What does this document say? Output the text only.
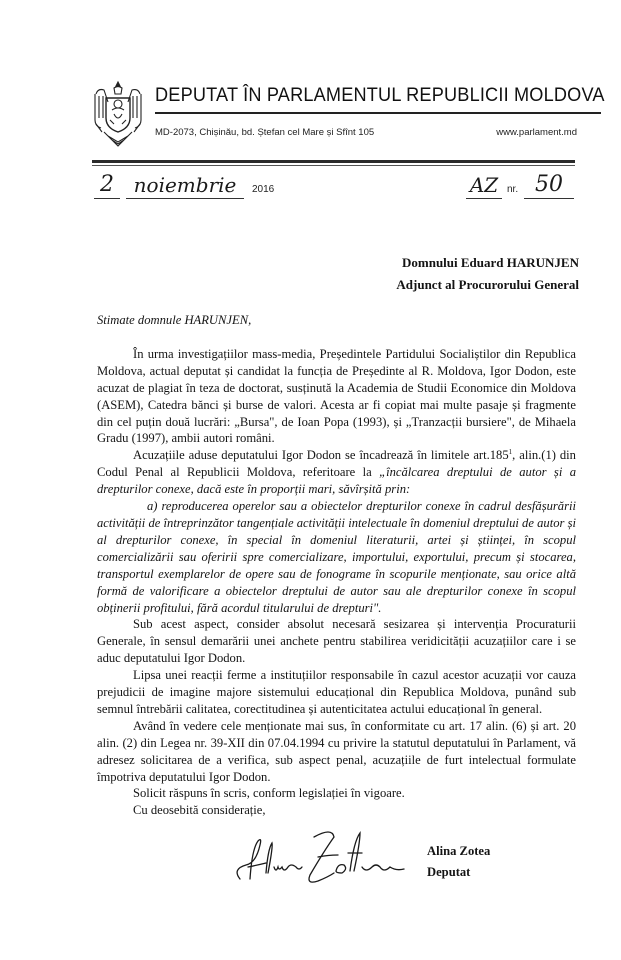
DEPUTAT ÎN PARLAMENTUL REPUBLICII MOLDOVA
MD-2073, Chișinău, bd. Ștefan cel Mare și Sfînt 105	www.parlament.md
2 noiembrie	2016	AZ nr. 50
Domnului Eduard HARUNJEN
Adjunct al Procurorului General

Stimate domnule HARUNJEN,

În urma investigațiilor mass-media, Președintele Partidului Socialiștilor din Republica Moldova, actual deputat și candidat la funcția de Președinte al R. Moldova, Igor Dodon, este acuzat de plagiat în teza de doctorat, susținută la Academia de Studii Economice din Moldova (ASEM), Catedra bănci și burse de valori. Acesta ar fi copiat mai multe pasaje și fragmente din cel puțin două lucrări: „Bursa", de Ioan Popa (1993), și „Tranzacții bursiere", de Mihaela Gradu (1997), ambii autori români.

Acuzațiile aduse deputatului Igor Dodon se încadrează în limitele art.185$^1$, alin.(1) din Codul Penal al Republicii Moldova, referitoare la „încălcarea dreptului de autor și a drepturilor conexe, dacă este în proporții mari, săvîrșită prin:

a) reproducerea operelor sau a obiectelor drepturilor conexe în cadrul desfășurării activității de întreprinzător tangențiale activității intelectuale în domeniul dreptului de autor și al drepturilor conexe, în special în domeniul literaturii, artei și științei, în scopul comercializării sau oferirii spre comercializare, importului, exportului, precum și stocarea, transportul exemplarelor de opere sau de fonograme în scopurile menționate, sau orice altă formă de valorificare a obiectelor dreptului de autor sau ale drepturilor conexe în scopul obținerii profitului, fără acordul titularului de drepturi".

Sub acest aspect, consider absolut necesară sesizarea și intervenția Procuraturii Generale, în sensul demarării unei anchete pentru stabilirea veridicității acuzațiilor care i se aduc deputatului Igor Dodon.

Lipsa unei reacții ferme a instituțiilor responsabile în cazul acestor acuzații vor cauza prejudicii de imagine majore sistemului educațional din Republica Moldova, punând sub semnul întrebării calitatea, corectitudinea și autenticitatea actului educațional în general.

Având în vedere cele menționate mai sus, în conformitate cu art. 17 alin. (6) și art. 20 alin. (2) din Legea nr. 39-XII din 07.04.1994 cu privire la statutul deputatului în Parlament, vă adresez solicitarea de a verifica, sub aspect penal, acuzațiile de furt intelectual formulate împotriva deputatului Igor Dodon.

Solicit răspuns în scris, conform legislației în vigoare.

Cu deosebită considerație,

Alina Zotea
Deputat
